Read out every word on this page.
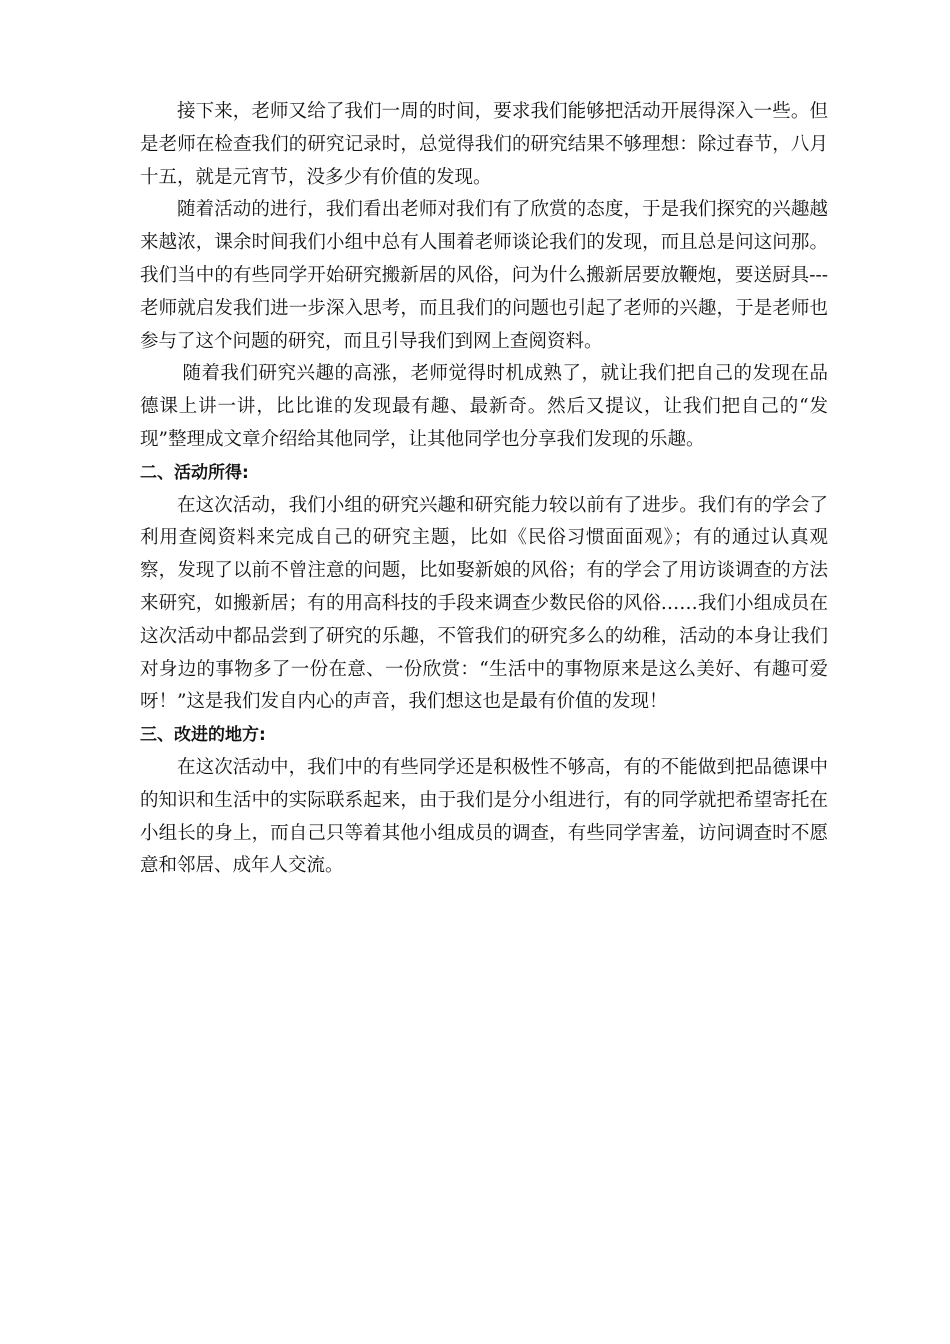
接下来，老师又给了我们一周的时间，要求我们能够把活动开展得深入一些。但是老师在检查我们的研究记录时，总觉得我们的研究结果不够理想：除过春节，八月十五，就是元宵节，没多少有价值的发现。

随着活动的进行，我们看出老师对我们有了欣赏的态度，于是我们探究的兴趣越来越浓，课余时间我们小组中总有人围着老师谈论我们的发现，而且总是问这问那。我们当中的有些同学开始研究搬新居的风俗，问为什么搬新居要放鞭炮，要送厨具---老师就启发我们进一步深入思考，而且我们的问题也引起了老师的兴趣，于是老师也参与了这个问题的研究，而且引导我们到网上查阅资料。

随着我们研究兴趣的高涨，老师觉得时机成熟了，就让我们把自己的发现在品德课上讲一讲，比比谁的发现最有趣、最新奇。然后又提议，让我们把自己的“发现”整理成文章介绍给其他同学，让其他同学也分享我们发现的乐趣。

二、活动所得:

在这次活动，我们小组的研究兴趣和研究能力较以前有了进步。我们有的学会了利用查阅资料来完成自己的研究主题，比如《民俗习惯面面观》；有的通过认真观察，发现了以前不曾注意的问题，比如娶新娘的风俗；有的学会了用访谈调查的方法来研究，如搬新居；有的用高科技的手段来调查少数民俗的风俗……我们小组成员在这次活动中都品尝到了研究的乐趣，不管我们的研究多么的幼稚，活动的本身让我们对身边的事物多了一份在意、一份欣赏：“生活中的事物原来是这么美好、有趣可爱呀！”这是我们发自内心的声音，我们想这也是最有价值的发现！

三、改进的地方:

在这次活动中，我们中的有些同学还是积极性不够高，有的不能做到把品德课中的知识和生活中的实际联系起来，由于我们是分小组进行，有的同学就把希望寄托在小组长的身上，而自己只等着其他小组成员的调查，有些同学害羞，访问调查时不愿意和邻居、成年人交流。
